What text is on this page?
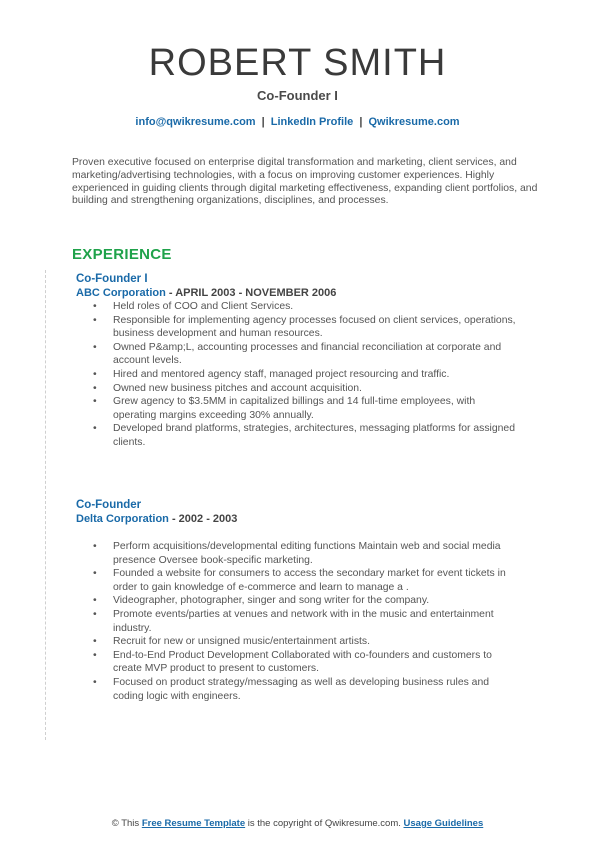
ROBERT SMITH
Co-Founder I
info@qwikresume.com | LinkedIn Profile | Qwikresume.com
Proven executive focused on enterprise digital transformation and marketing, client services, and marketing/advertising technologies, with a focus on improving customer experiences. Highly experienced in guiding clients through digital marketing effectiveness, expanding client portfolios, and building and strengthening organizations, disciplines, and processes.
EXPERIENCE
Co-Founder I
ABC Corporation - APRIL 2003 - NOVEMBER 2006
• Held roles of COO and Client Services.
• Responsible for implementing agency processes focused on client services, operations, business development and human resources.
• Owned P&amp;L, accounting processes and financial reconciliation at corporate and account levels.
• Hired and mentored agency staff, managed project resourcing and traffic.
• Owned new business pitches and account acquisition.
• Grew agency to $3.5MM in capitalized billings and 14 full-time employees, with operating margins exceeding 30% annually.
• Developed brand platforms, strategies, architectures, messaging platforms for assigned clients.
Co-Founder
Delta Corporation - 2002 - 2003
• Perform acquisitions/developmental editing functions Maintain web and social media presence Oversee book-specific marketing.
• Founded a website for consumers to access the secondary market for event tickets in order to gain knowledge of e-commerce and learn to manage a .
• Videographer, photographer, singer and song writer for the company.
• Promote events/parties at venues and network with in the music and entertainment industry.
• Recruit for new or unsigned music/entertainment artists.
• End-to-End Product Development Collaborated with co-founders and customers to create MVP product to present to customers.
• Focused on product strategy/messaging as well as developing business rules and coding logic with engineers.
© This Free Resume Template is the copyright of Qwikresume.com. Usage Guidelines
